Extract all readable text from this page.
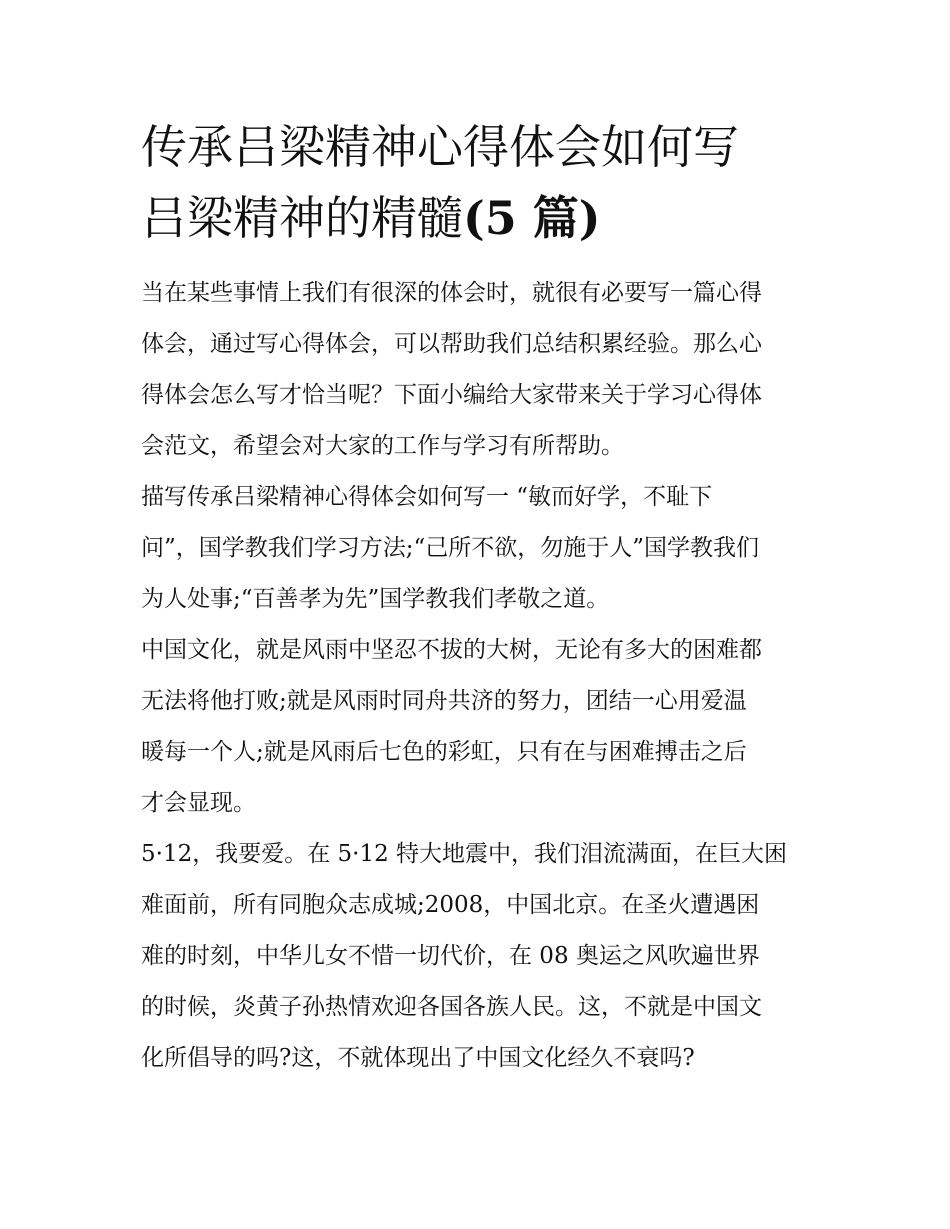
传承吕梁精神心得体会如何写
吕梁精神的精髓(5 篇)

当在某些事情上我们有很深的体会时，就很有必要写一篇心得
体会，通过写心得体会，可以帮助我们总结积累经验。那么心
得体会怎么写才恰当呢？下面小编给大家带来关于学习心得体
会范文，希望会对大家的工作与学习有所帮助。

描写传承吕梁精神心得体会如何写一 “敏而好学，不耻下
问”，国学教我们学习方法;“己所不欲，勿施于人”国学教我们
为人处事;“百善孝为先”国学教我们孝敬之道。

中国文化，就是风雨中坚忍不拔的大树，无论有多大的困难都
无法将他打败;就是风雨时同舟共济的努力，团结一心用爱温
暖每一个人;就是风雨后七色的彩虹，只有在与困难搏击之后
才会显现。

5·12，我要爱。在 5·12 特大地震中，我们泪流满面，在巨大困
难面前，所有同胞众志成城;2008，中国北京。在圣火遭遇困
难的时刻，中华儿女不惜一切代价，在 08 奥运之风吹遍世界
的时候，炎黄子孙热情欢迎各国各族人民。这，不就是中国文
化所倡导的吗?这，不就体现出了中国文化经久不衰吗?
